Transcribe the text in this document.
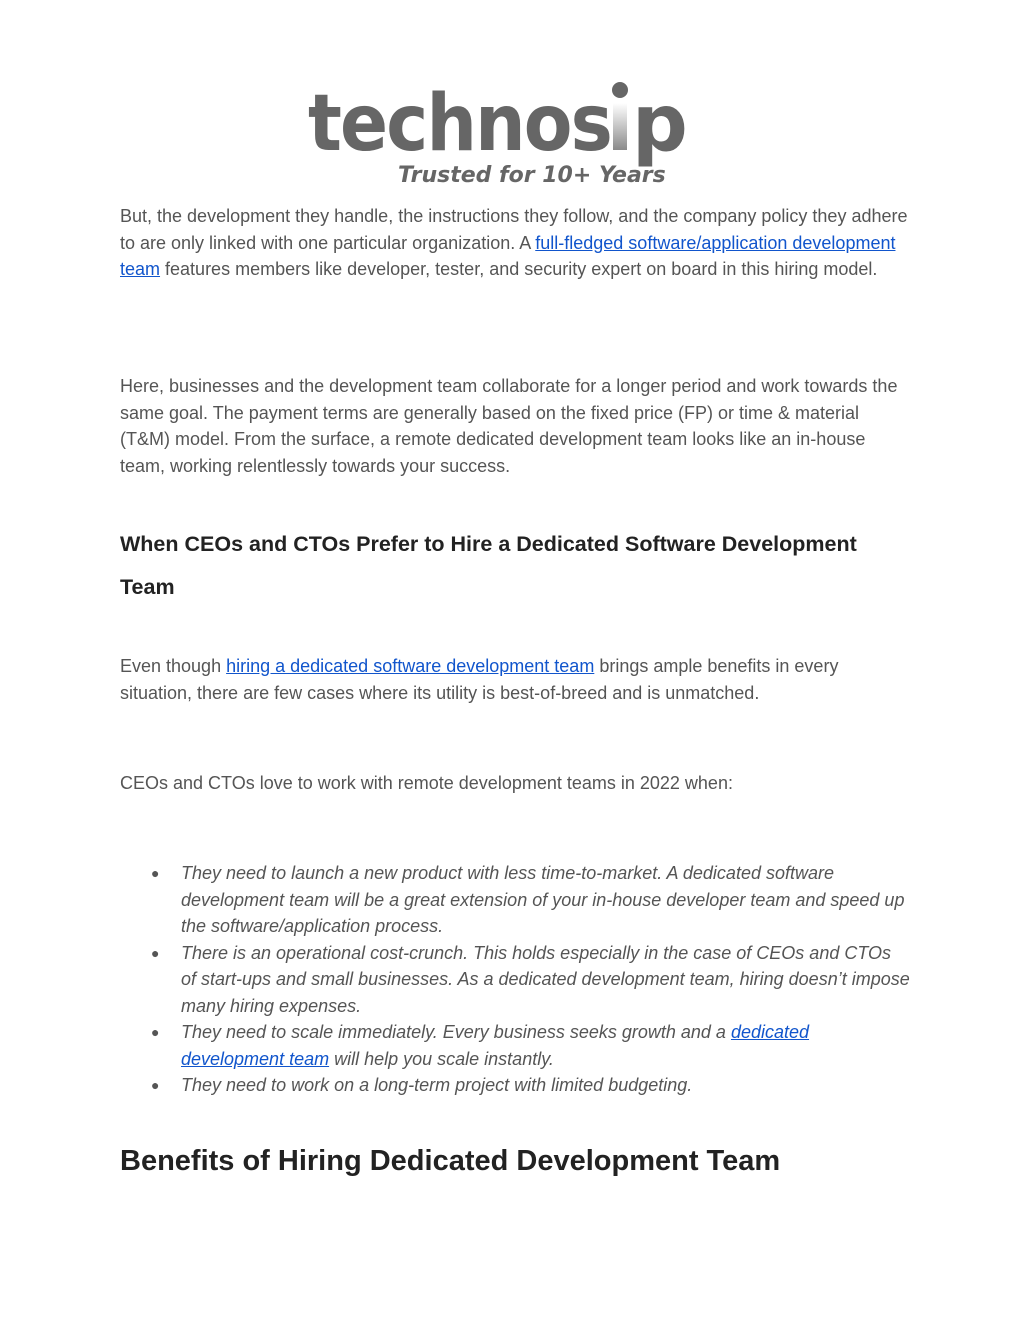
technos p
Trusted for 10+ Years

But, the development they handle, the instructions they follow, and the company policy they adhere to are only linked with one particular organization. A full-fledged software/application development team features members like developer, tester, and security expert on board in this hiring model.

Here, businesses and the development team collaborate for a longer period and work towards the same goal. The payment terms are generally based on the fixed price (FP) or time & material (T&M) model. From the surface, a remote dedicated development team looks like an in-house team, working relentlessly towards your success.

When CEOs and CTOs Prefer to Hire a Dedicated Software Development Team

Even though hiring a dedicated software development team brings ample benefits in every situation, there are few cases where its utility is best-of-breed and is unmatched.

CEOs and CTOs love to work with remote development teams in 2022 when:

● They need to launch a new product with less time-to-market. A dedicated software development team will be a great extension of your in-house developer team and speed up the software/application process.
● There is an operational cost-crunch. This holds especially in the case of CEOs and CTOs of start-ups and small businesses. As a dedicated development team, hiring doesn’t impose many hiring expenses.
● They need to scale immediately. Every business seeks growth and a dedicated development team will help you scale instantly.
● They need to work on a long-term project with limited budgeting.
Benefits of Hiring Dedicated Development Team
